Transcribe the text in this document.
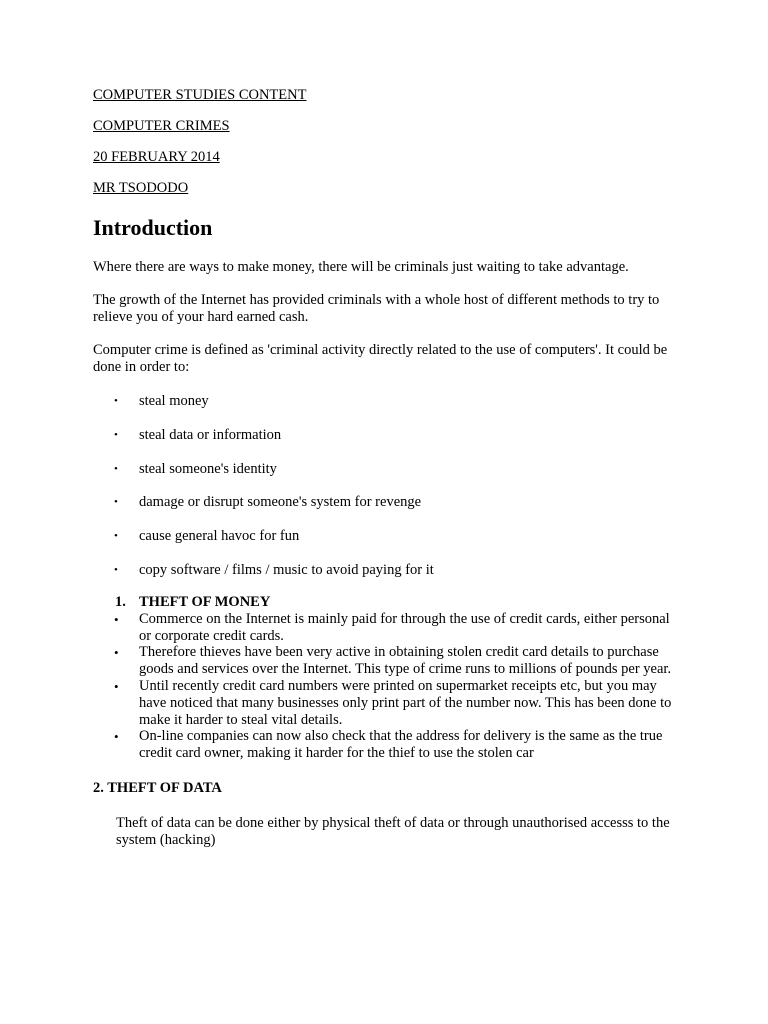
COMPUTER STUDIES CONTENT
COMPUTER CRIMES
20 FEBRUARY 2014
MR TSODODO
Introduction

Where there are ways to make money, there will be criminals just waiting to take advantage.

The growth of the Internet has provided criminals with a whole host of different methods to try to relieve you of your hard earned cash.

Computer crime is defined as 'criminal activity directly related to the use of computers'. It could be done in order to:

• steal money
• steal data or information
• steal someone's identity
• damage or disrupt someone's system for revenge
• cause general havoc for fun
• copy software / films / music to avoid paying for it
1. THEFT OF MONEY
• Commerce on the Internet is mainly paid for through the use of credit cards, either personal or corporate credit cards.
• Therefore thieves have been very active in obtaining stolen credit card details to purchase goods and services over the Internet. This type of crime runs to millions of pounds per year.
• Until recently credit card numbers were printed on supermarket receipts etc, but you may have noticed that many businesses only print part of the number now. This has been done to make it harder to steal vital details.
• On-line companies can now also check that the address for delivery is the same as the true credit card owner, making it harder for the thief to use the stolen car
2. THEFT OF DATA

Theft of data can be done either by physical theft of data or through unauthorised accesss to the system (hacking)
